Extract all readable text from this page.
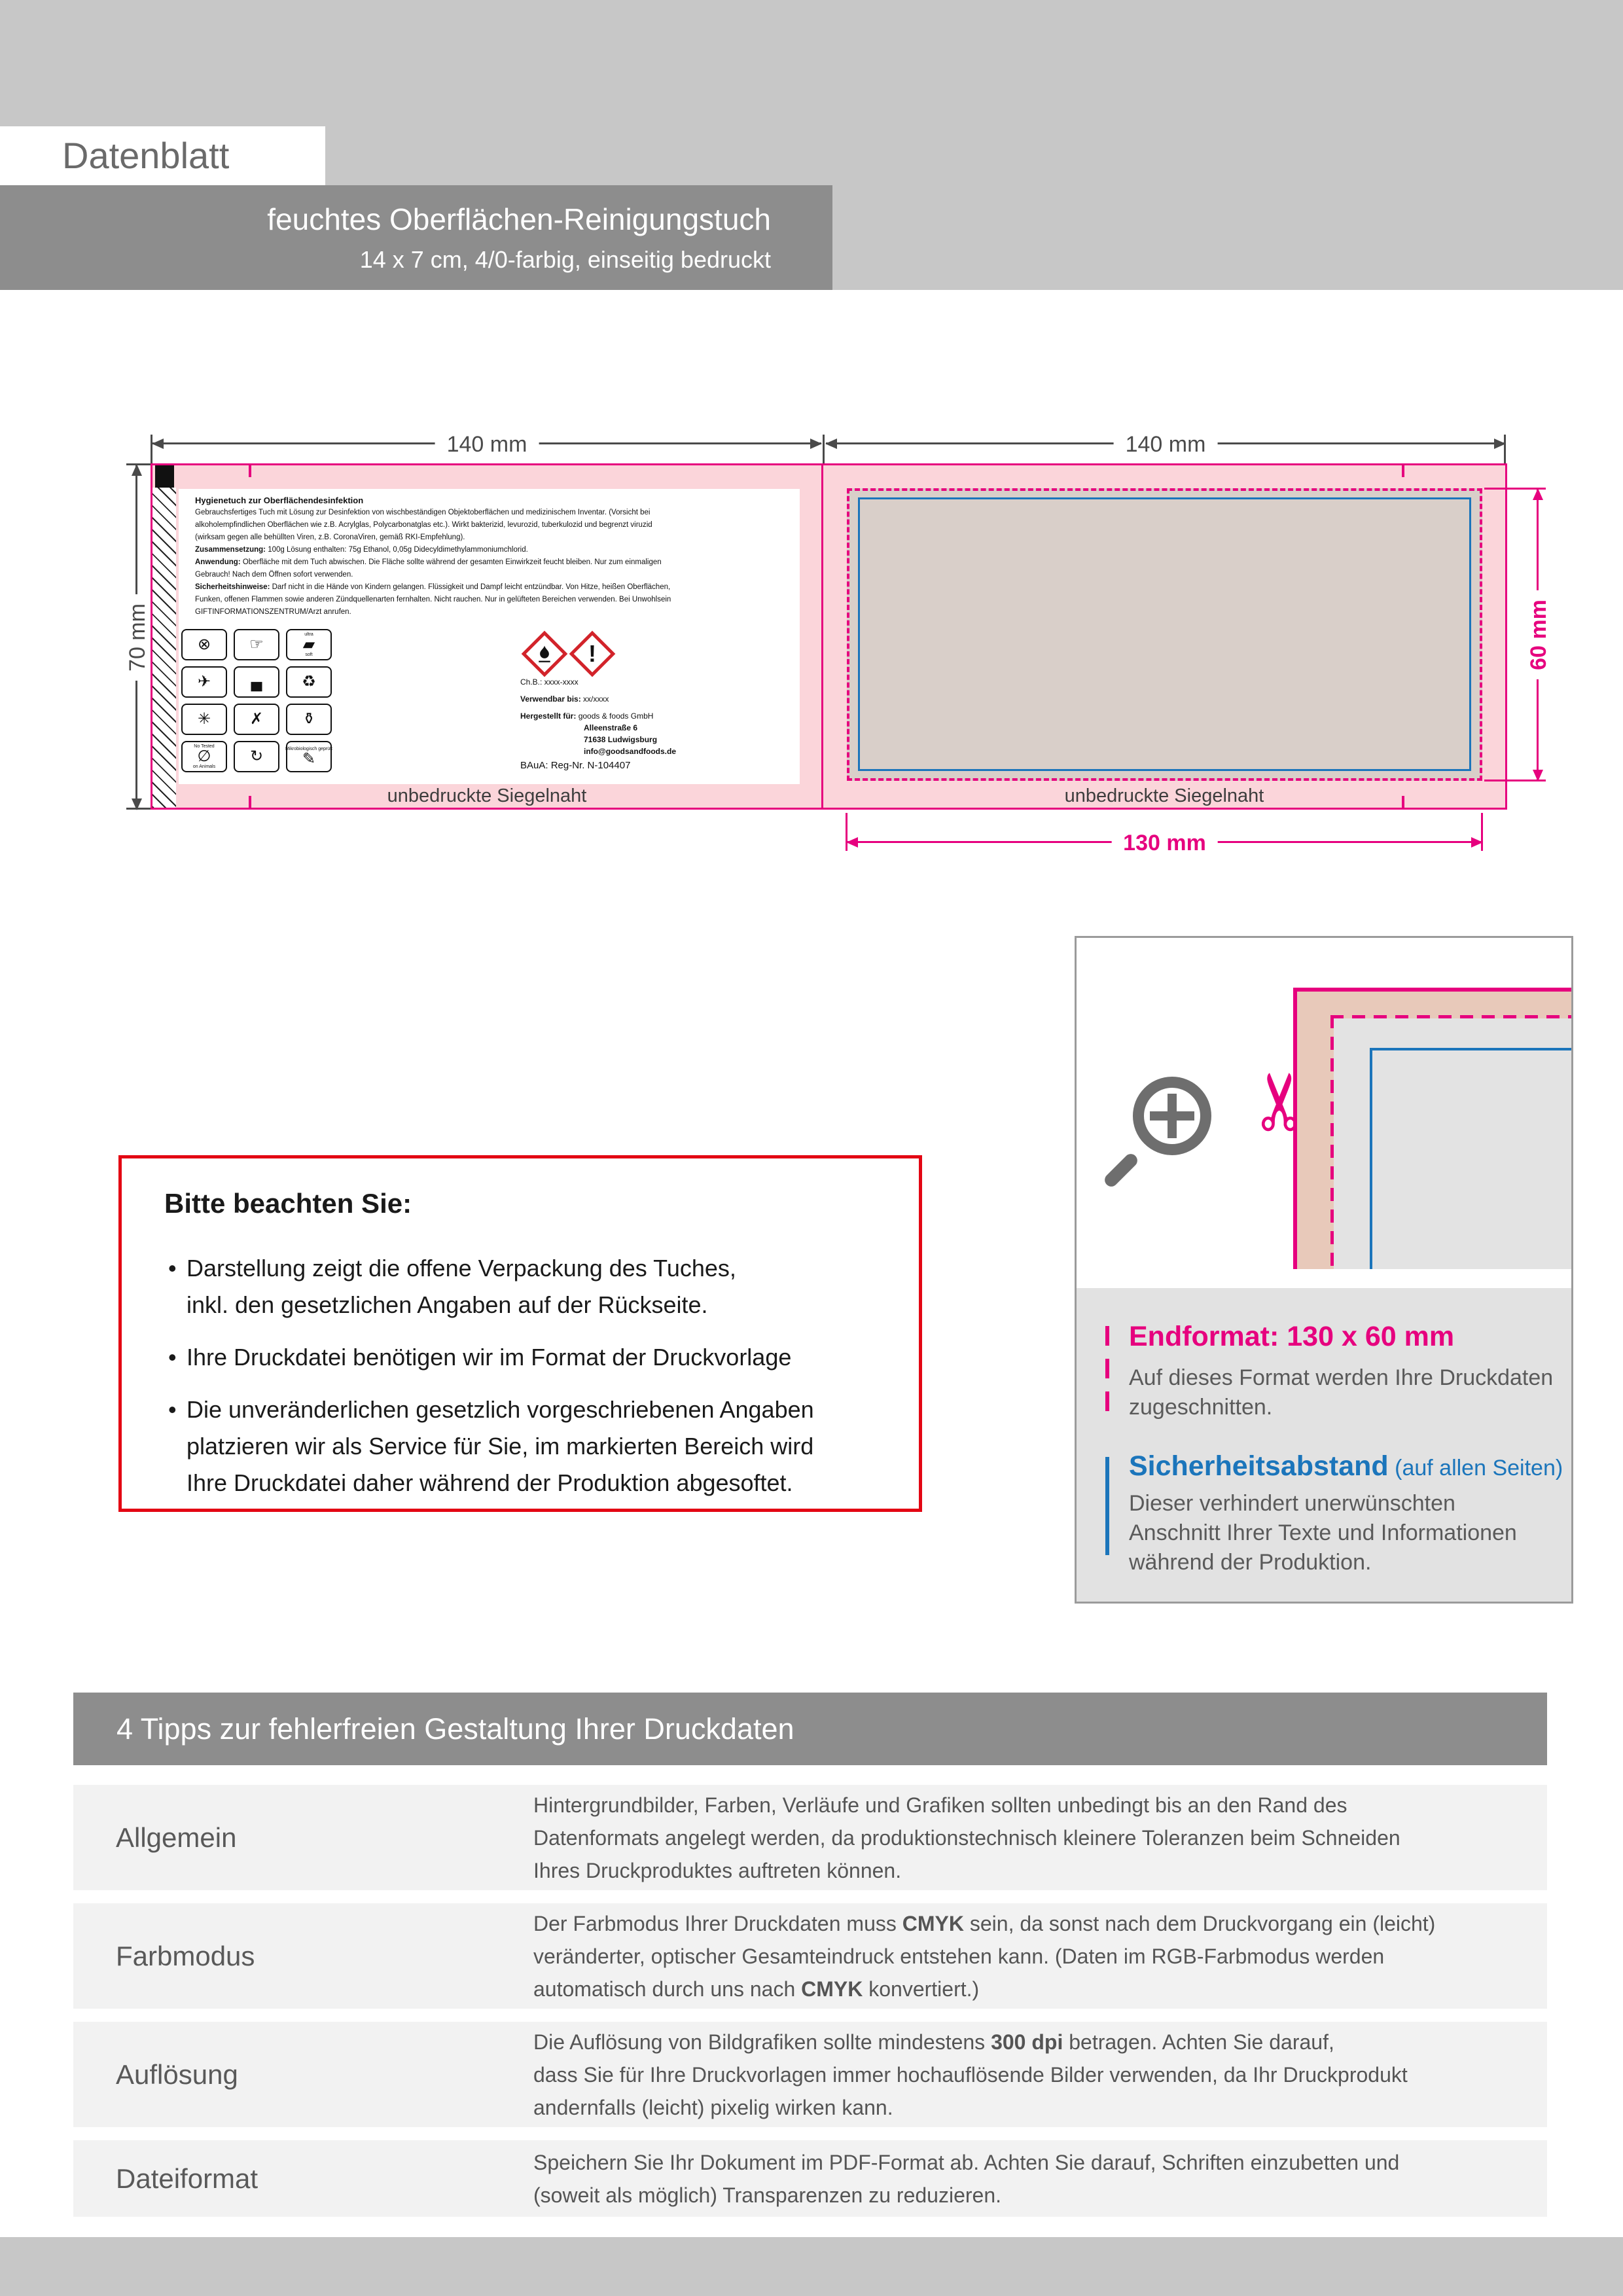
Datenblatt
feuchtes Oberflächen-Reinigungstuch
14 x 7 cm, 4/0-farbig, einseitig bedruckt
140 mm	140 mm
70 mm
Hygienetuch zur Oberflächendesinfektion
Gebrauchsfertiges Tuch mit Lösung zur Desinfektion von wischbeständigen Objektoberflächen und medizinischem Inventar. (Vorsicht bei
alkoholempfindlichen Oberflächen wie z.B. Acrylglas, Polycarbonatglas etc.). Wirkt bakterizid, levurozid, tuberkulozid und begrenzt viruzid
(wirksam gegen alle behüllten Viren, z.B. CoronaViren, gemäß RKI-Empfehlung).
Zusammensetzung: 100g Lösung enthalten: 75g Ethanol, 0,05g Didecyldimethylammoniumchlorid.
Anwendung: Oberfläche mit dem Tuch abwischen. Die Fläche sollte während der gesamten Einwirkzeit feucht bleiben. Nur zum einmaligen
Gebrauch! Nach dem Öffnen sofort verwenden.
Sicherheitshinweise: Darf nicht in die Hände von Kindern gelangen. Flüssigkeit und Dampf leicht entzündbar. Von Hitze, heißen Oberflächen,
Funken, offenen Flammen sowie anderen Zündquellenarten fernhalten. Nicht rauchen. Nur in gelüfteten Bereichen verwenden. Bei Unwohlsein
GIFTINFORMATIONSZENTRUM/Arzt anrufen.
⊗ ☞
ultra
▰
soft
✈	▄	♻
✳ ✗ ⚱
No Tested
∅
on Animals
↻	Mikrobiologisch geprüft
✎
!
Ch.B.: xxxx-xxxx
Verwendbar bis: xx/xxxx
Hergestellt für: goods & foods GmbH
Alleenstraße 6
71638 Ludwigsburg
info@goodsandfoods.de
BAuA: Reg-Nr. N-104407
unbedruckte Siegelnaht	unbedruckte Siegelnaht
60 mm
130 mm
Bitte beachten Sie:
• Darstellung zeigt die offene Verpackung des Tuches,
inkl. den gesetzlichen Angaben auf der Rückseite.
• Ihre Druckdatei benötigen wir im Format der Druckvorlage
• Die unveränderlichen gesetzlich vorgeschriebenen Angaben
platzieren wir als Service für Sie, im markierten Bereich wird
Ihre Druckdatei daher während der Produktion abgesoftet.
✂
Endformat: 130 x 60 mm
Auf dieses Format werden Ihre Druckdaten
zugeschnitten.
Sicherheitsabstand (auf allen Seiten)
Dieser verhindert unerwünschten
Anschnitt Ihrer Texte und Informationen
während der Produktion.
4 Tipps zur fehlerfreien Gestaltung Ihrer Druckdaten
Allgemein
Hintergrundbilder, Farben, Verläufe und Grafiken sollten unbedingt bis an den Rand des
Datenformats angelegt werden, da produktionstechnisch kleinere Toleranzen beim Schneiden
Ihres Druckproduktes auftreten können.
Farbmodus
Der Farbmodus Ihrer Druckdaten muss CMYK sein, da sonst nach dem Druckvorgang ein (leicht)
veränderter, optischer Gesamteindruck entstehen kann. (Daten im RGB-Farbmodus werden
automatisch durch uns nach CMYK konvertiert.)
Auflösung
Die Auflösung von Bildgrafiken sollte mindestens 300 dpi betragen. Achten Sie darauf,
dass Sie für Ihre Druckvorlagen immer hochauflösende Bilder verwenden, da Ihr Druckprodukt
andernfalls (leicht) pixelig wirken kann.
Dateiformat
Speichern Sie Ihr Dokument im PDF-Format ab. Achten Sie darauf, Schriften einzubetten und
(soweit als möglich) Transparenzen zu reduzieren.
